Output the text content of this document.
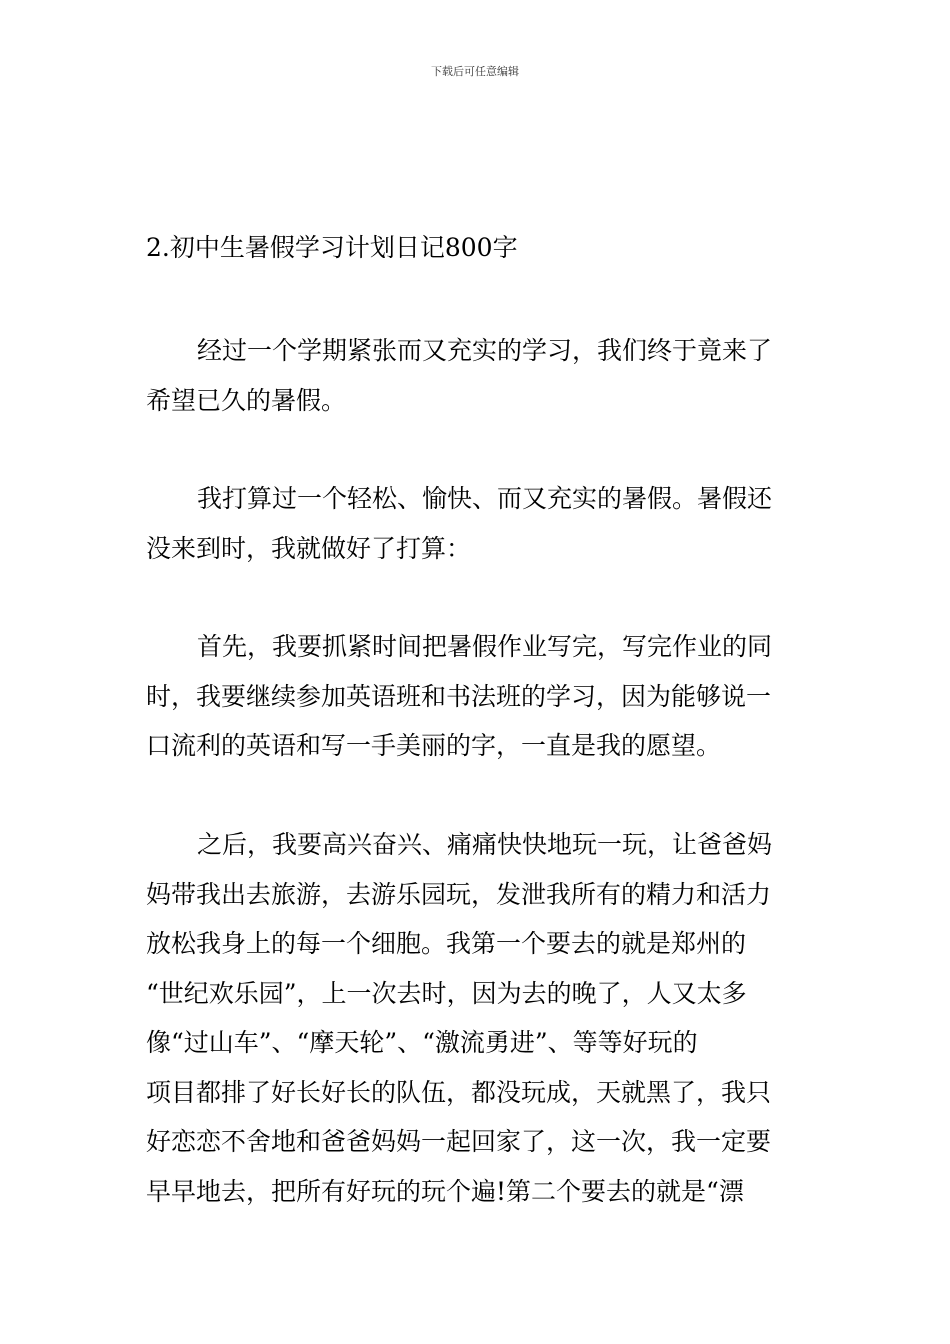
下载后可任意编辑
2.初中生暑假学习计划日记800字
经过一个学期紧张而又充实的学习，我们终于竟来了
希望已久的暑假。
我打算过一个轻松、愉快、而又充实的暑假。暑假还
没来到时，我就做好了打算：
首先，我要抓紧时间把暑假作业写完，写完作业的同
时，我要继续参加英语班和书法班的学习，因为能够说一
口流利的英语和写一手美丽的字，一直是我的愿望。
之后，我要高兴奋兴、痛痛快快地玩一玩，让爸爸妈
妈带我出去旅游，去游乐园玩，发泄我所有的精力和活力
放松我身上的每一个细胞。我第一个要去的就是郑州的
“世纪欢乐园”，上一次去时，因为去的晚了，人又太多
像“过山车”、“摩天轮”、“激流勇进”、等等好玩的
项目都排了好长好长的队伍，都没玩成，天就黑了，我只
好恋恋不舍地和爸爸妈妈一起回家了，这一次，我一定要
早早地去，把所有好玩的玩个遍!第二个要去的就是“漂
